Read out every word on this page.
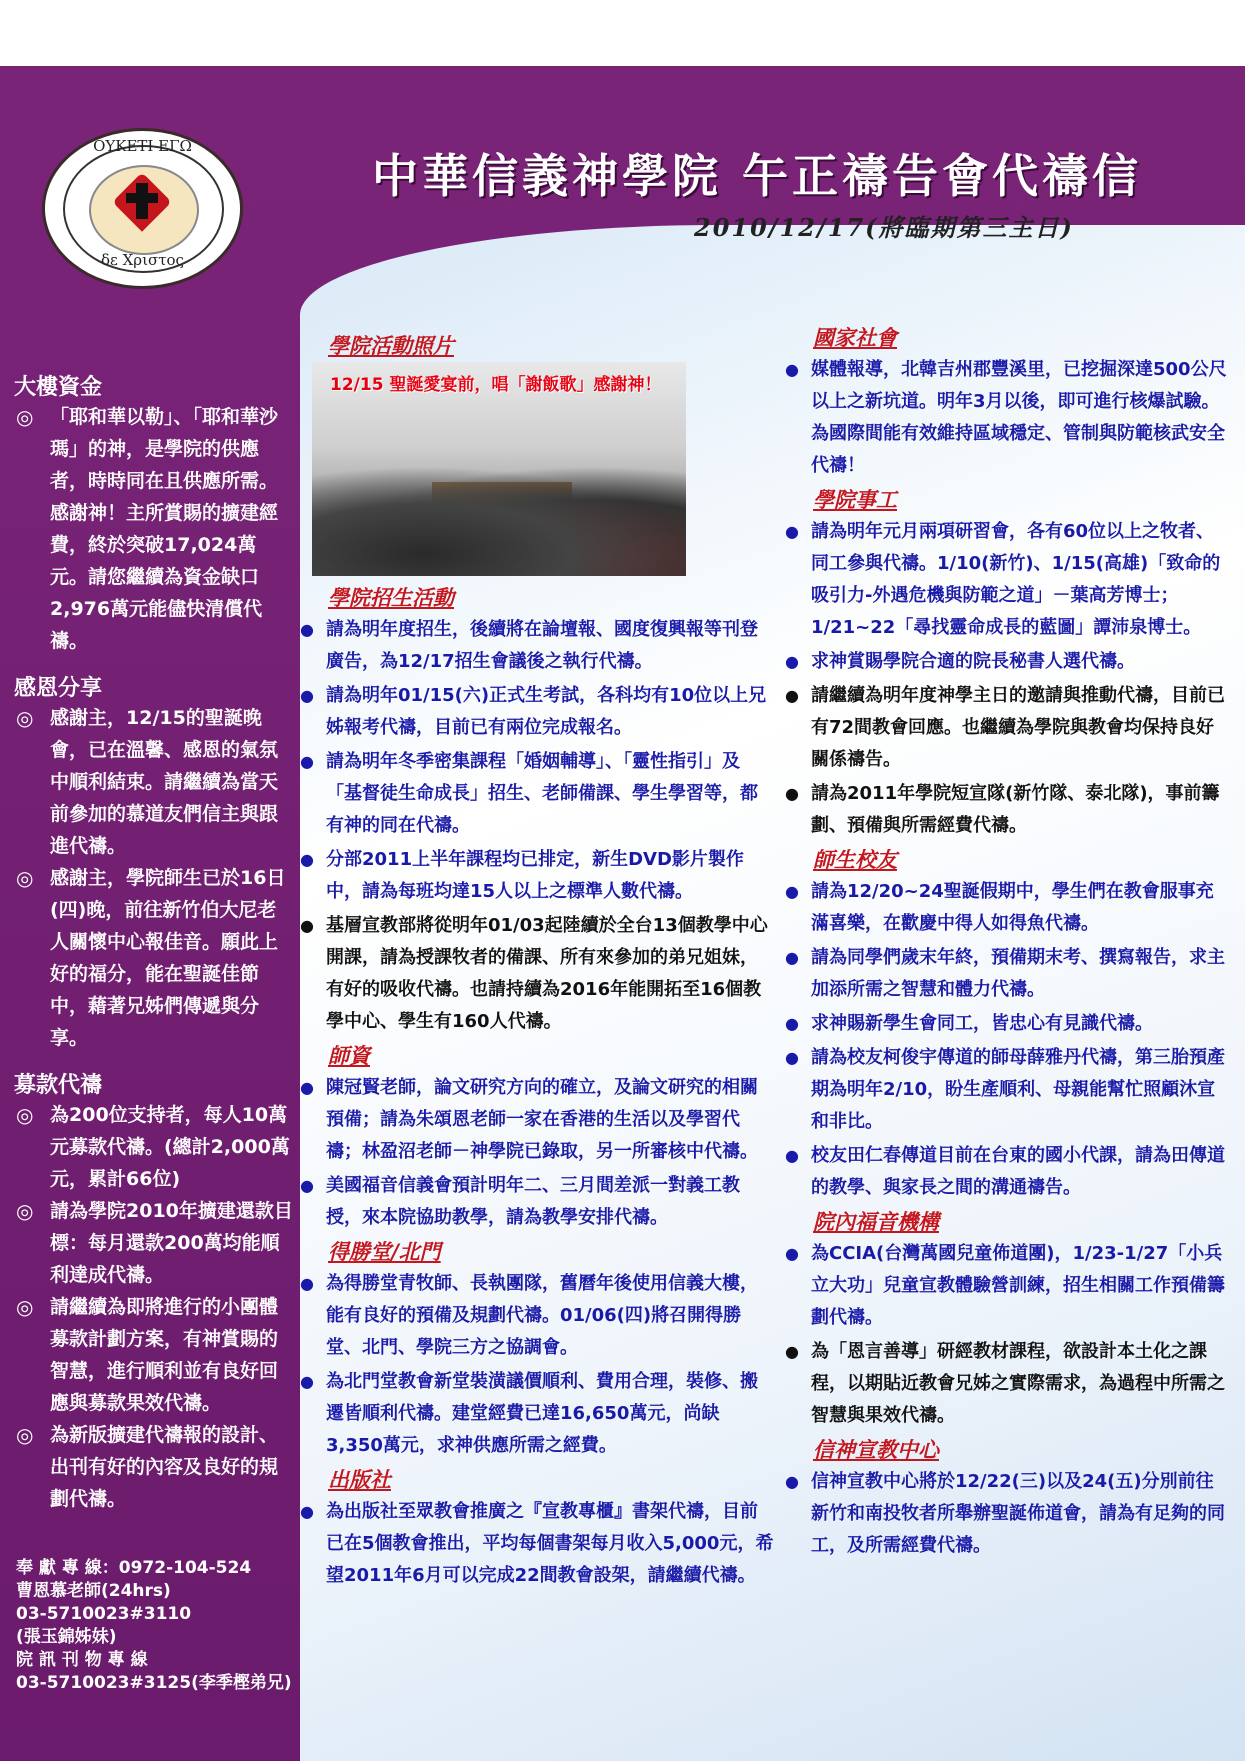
ΟΥΚΕΤΙ ΕΓΩ
δε Χριστος
中華信義神學院 午正禱告會代禱信
2010/12/17(將臨期第三主日)
大樓資金
◎ 「耶和華以勒」、「耶和華沙瑪」的神，是學院的供應者，時時同在且供應所需。感謝神！主所賞賜的擴建經費，終於突破17,024萬元。請您繼續為資金缺口2,976萬元能儘快清償代禱。
感恩分享
◎ 感謝主，12/15的聖誕晚會，已在溫馨、感恩的氣氛中順利結束。請繼續為當天前參加的慕道友們信主與跟進代禱。
◎ 感謝主，學院師生已於16日(四)晚，前往新竹伯大尼老人關懷中心報佳音。願此上好的福分，能在聖誕佳節中，藉著兄姊們傳遞與分享。
募款代禱
◎ 為200位支持者，每人10萬元募款代禱。(總計2,000萬元，累計66位)
◎ 請為學院2010年擴建還款目標：每月還款200萬均能順利達成代禱。
◎ 請繼續為即將進行的小團體募款計劃方案，有神賞賜的智慧，進行順利並有良好回應與募款果效代禱。
◎ 為新版擴建代禱報的設計、出刊有好的內容及良好的規劃代禱。
奉 獻 專 線：0972-104-524
曹恩慕老師(24hrs)
03-5710023#3110
(張玉錦姊妹)
院 訊 刊 物 專 線
03-5710023#3125(李季樫弟兄)
學院活動照片
12/15 聖誕愛宴前，唱「謝飯歌」感謝神！
學院招生活動
● 請為明年度招生，後續將在論壇報、國度復興報等刊登廣告，為12/17招生會議後之執行代禱。
● 請為明年01/15(六)正式生考試，各科均有10位以上兄姊報考代禱，目前已有兩位完成報名。
● 請為明年冬季密集課程「婚姻輔導」、「靈性指引」及「基督徒生命成長」招生、老師備課、學生學習等，都有神的同在代禱。
● 分部2011上半年課程均已排定，新生DVD影片製作中，請為每班均達15人以上之標準人數代禱。
● 基層宣教部將從明年01/03起陸續於全台13個教學中心開課，請為授課牧者的備課、所有來參加的弟兄姐妹，有好的吸收代禱。也請持續為2016年能開拓至16個教學中心、學生有160人代禱。
師資
● 陳冠賢老師，論文研究方向的確立，及論文研究的相關預備；請為朱頌恩老師一家在香港的生活以及學習代禱；林盈沼老師－神學院已錄取，另一所審核中代禱。
● 美國福音信義會預計明年二、三月間差派一對義工教授，來本院協助教學，請為教學安排代禱。
得勝堂/北門
● 為得勝堂青牧師、長執團隊，舊曆年後使用信義大樓，能有良好的預備及規劃代禱。01/06(四)將召開得勝堂、北門、學院三方之協調會。
● 為北門堂教會新堂裝潢議價順利、費用合理，裝修、搬遷皆順利代禱。建堂經費已達16,650萬元，尚缺3,350萬元，求神供應所需之經費。
出版社
● 為出版社至眾教會推廣之『宣教專櫃』書架代禱，目前已在5個教會推出，平均每個書架每月收入5,000元，希望2011年6月可以完成22間教會設架，請繼續代禱。
國家社會
● 媒體報導，北韓吉州郡豐溪里，已挖掘深達500公尺以上之新坑道。明年3月以後，即可進行核爆試驗。為國際間能有效維持區域穩定、管制與防範核武安全代禱！
學院事工
● 請為明年元月兩項研習會，各有60位以上之牧者、同工參與代禱。1/10(新竹)、1/15(高雄)「致命的吸引力-外遇危機與防範之道」－葉高芳博士；1/21~22「尋找靈命成長的藍圖」譚沛泉博士。
● 求神賞賜學院合適的院長秘書人選代禱。
● 請繼續為明年度神學主日的邀請與推動代禱，目前已有72間教會回應。也繼續為學院與教會均保持良好關係禱告。
● 請為2011年學院短宣隊(新竹隊、泰北隊)，事前籌劃、預備與所需經費代禱。
師生校友
● 請為12/20~24聖誕假期中，學生們在教會服事充滿喜樂，在歡慶中得人如得魚代禱。
● 請為同學們歲末年終，預備期末考、撰寫報告，求主加添所需之智慧和體力代禱。
● 求神賜新學生會同工，皆忠心有見識代禱。
● 請為校友柯俊宇傳道的師母薛雅丹代禱，第三胎預產期為明年2/10，盼生產順利、母親能幫忙照顧沐宣和非比。
● 校友田仁春傳道目前在台東的國小代課，請為田傳道的教學、與家長之間的溝通禱告。
院內福音機構
● 為CCIA(台灣萬國兒童佈道團)，1/23-1/27「小兵立大功」兒童宣教體驗營訓練，招生相關工作預備籌劃代禱。
● 為「恩言善導」研經教材課程，欲設計本土化之課程，以期貼近教會兄姊之實際需求，為過程中所需之智慧與果效代禱。
信神宣教中心
● 信神宣教中心將於12/22(三)以及24(五)分別前往新竹和南投牧者所舉辦聖誕佈道會，請為有足夠的同工，及所需經費代禱。
